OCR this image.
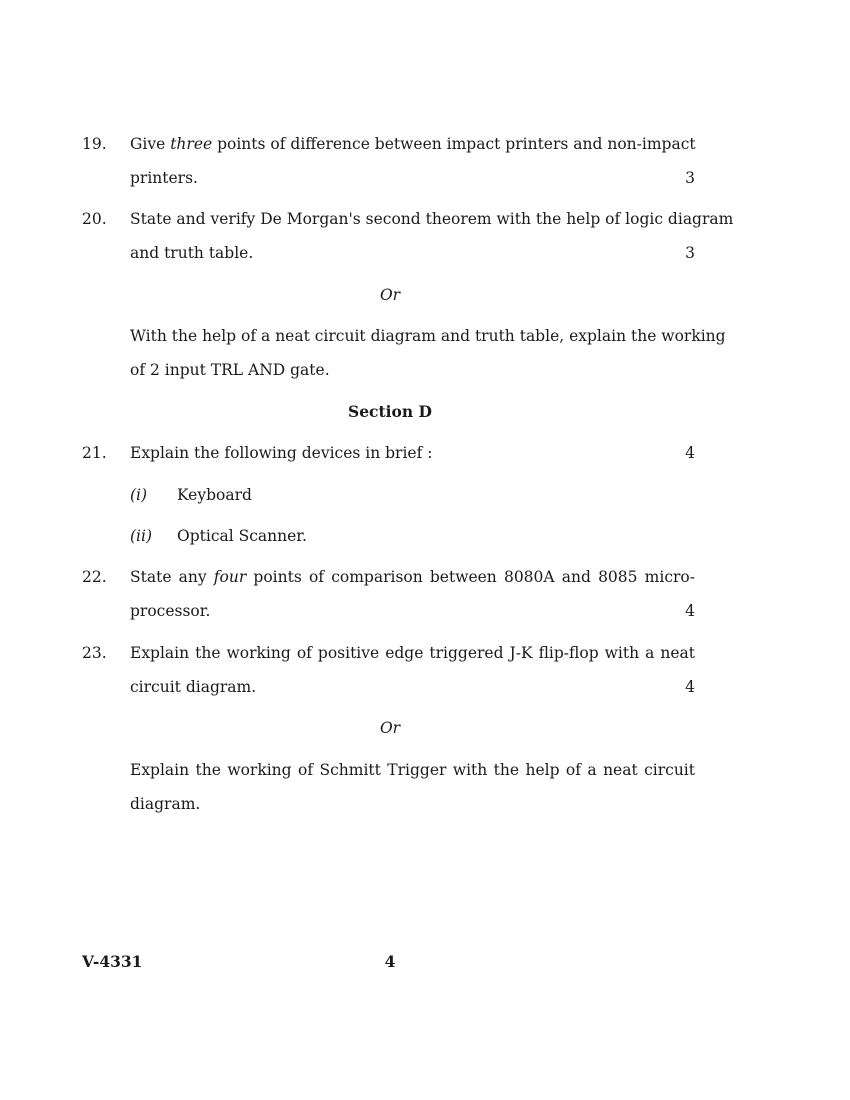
19.	Give three points of difference between impact printers and non-impact
printers.	3
20.	State and verify De Morgan's second theorem with the help of logic diagram
and truth table.	3
Or
With the help of a neat circuit diagram and truth table, explain the working
of 2 input TRL AND gate.
Section D
21.	Explain the following devices in brief :	4
(i)	Keyboard
(ii)	Optical Scanner.
22.	State any four points of comparison between 8080A and 8085 micro-
processor.	4
23.	Explain the working of positive edge triggered J-K flip-flop with a neat
circuit diagram.	4
Or
Explain the working of Schmitt Trigger with the help of a neat circuit
diagram.
V-4331	4
